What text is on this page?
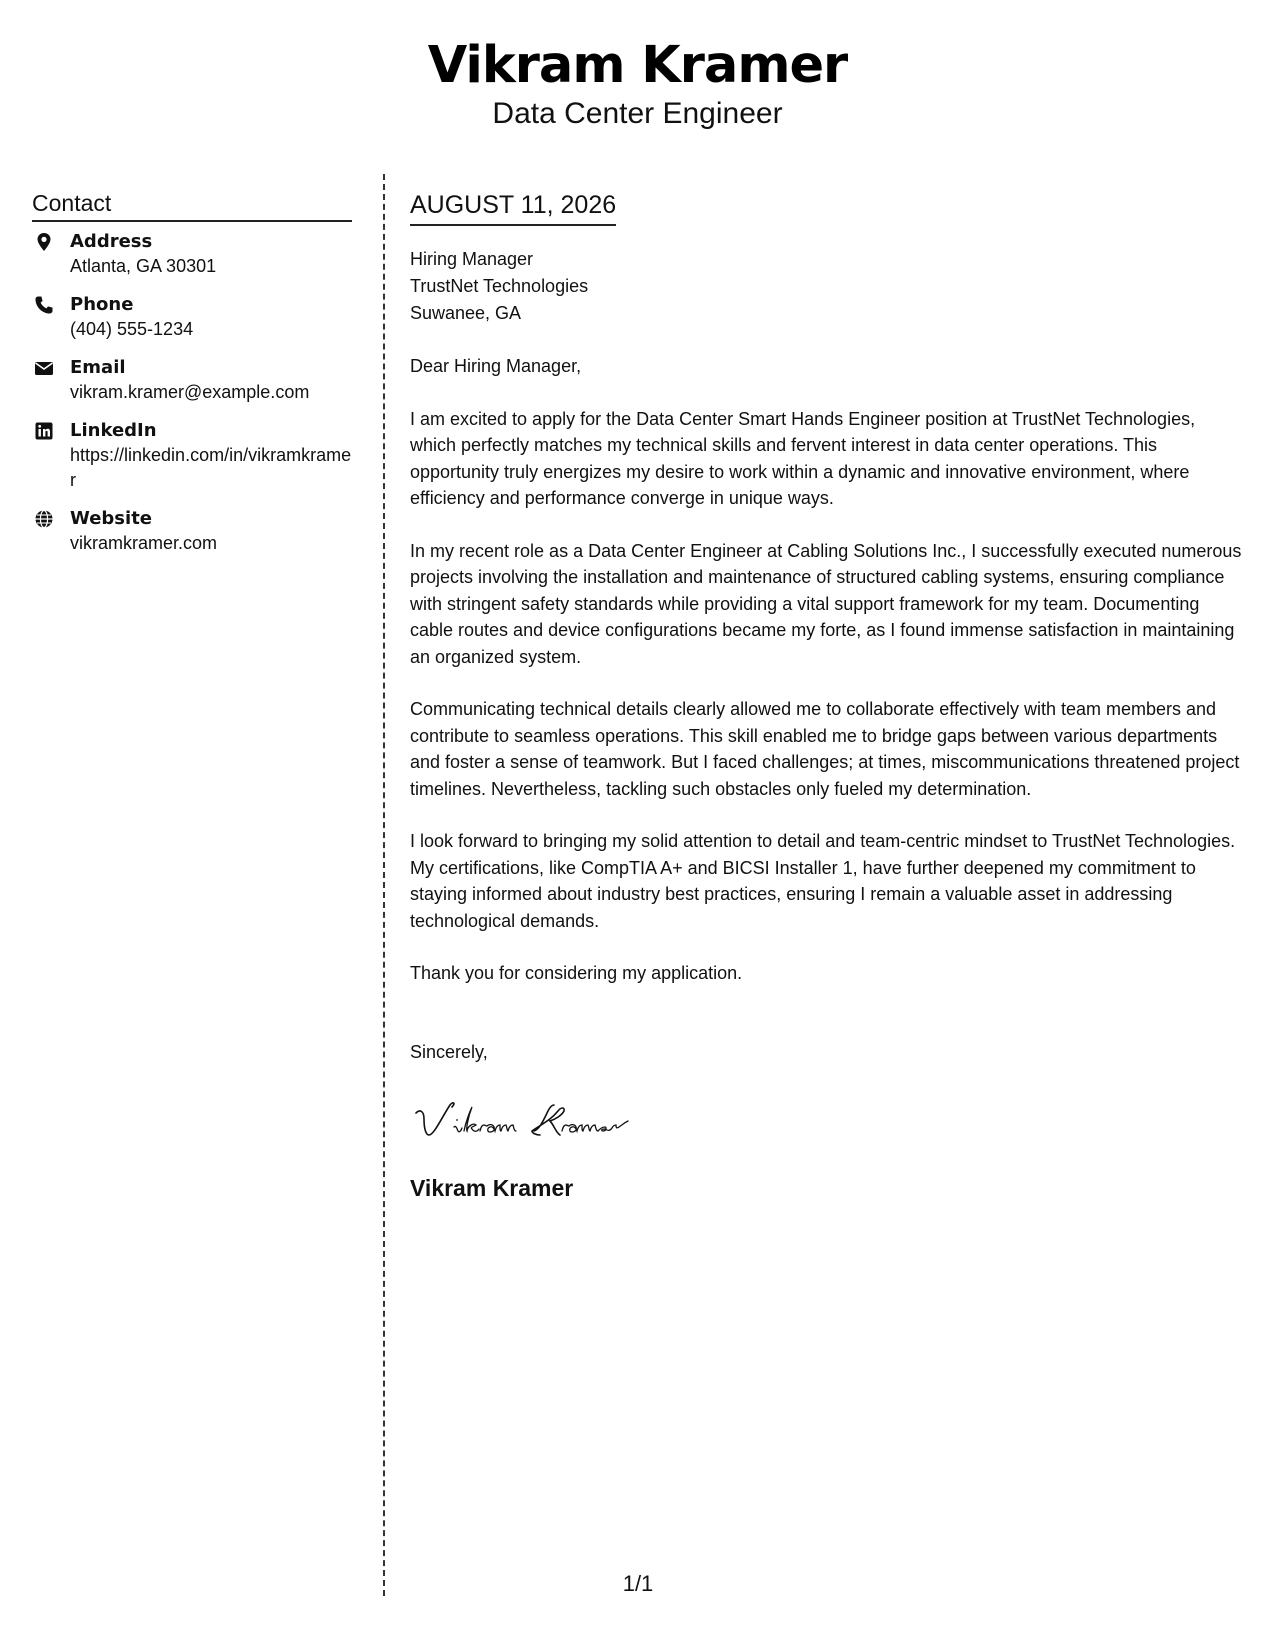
Vikram Kramer
Data Center Engineer
Contact
Address
Atlanta, GA 30301
Phone
(404) 555-1234
Email
vikram.kramer@example.com
LinkedIn
https://linkedin.com/in/vikramkramer
Website
vikramkramer.com
AUGUST 11, 2026
Hiring Manager
TrustNet Technologies
Suwanee, GA

Dear Hiring Manager,

I am excited to apply for the Data Center Smart Hands Engineer position at TrustNet Technologies, which perfectly matches my technical skills and fervent interest in data center operations. This opportunity truly energizes my desire to work within a dynamic and innovative environment, where efficiency and performance converge in unique ways.

In my recent role as a Data Center Engineer at Cabling Solutions Inc., I successfully executed numerous projects involving the installation and maintenance of structured cabling systems, ensuring compliance with stringent safety standards while providing a vital support framework for my team. Documenting cable routes and device configurations became my forte, as I found immense satisfaction in maintaining an organized system.

Communicating technical details clearly allowed me to collaborate effectively with team members and contribute to seamless operations. This skill enabled me to bridge gaps between various departments and foster a sense of teamwork. But I faced challenges; at times, miscommunications threatened project timelines. Nevertheless, tackling such obstacles only fueled my determination.

I look forward to bringing my solid attention to detail and team-centric mindset to TrustNet Technologies. My certifications, like CompTIA A+ and BICSI Installer 1, have further deepened my commitment to staying informed about industry best practices, ensuring I remain a valuable asset in addressing technological demands.

Thank you for considering my application.

Sincerely,
Vikram Kramer
1/1
